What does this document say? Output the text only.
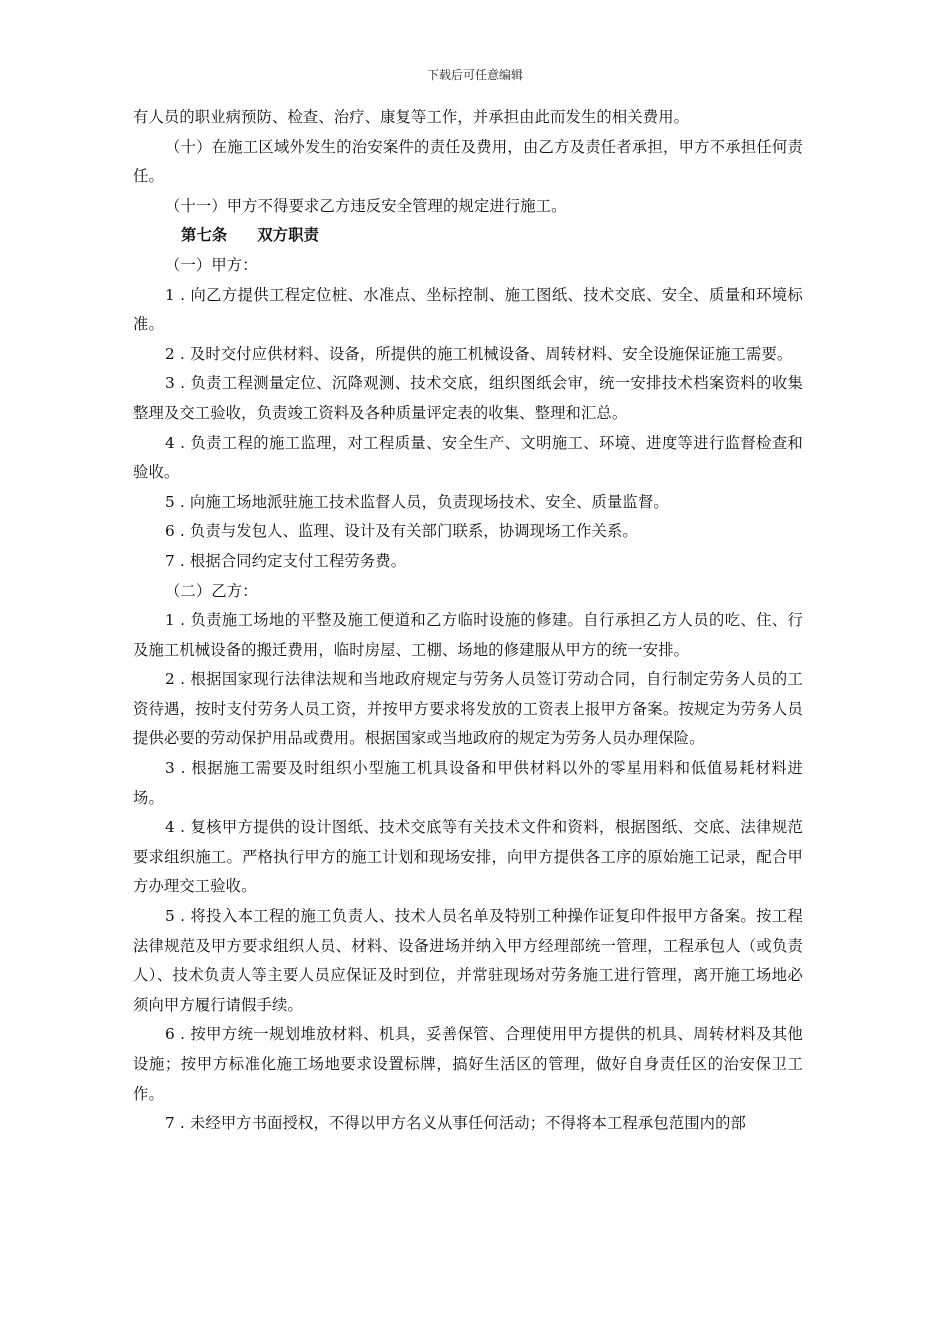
下载后可任意编辑

有人员的职业病预防、检查、治疗、康复等工作，并承担由此而发生的相关费用。

（十）在施工区域外发生的治安案件的责任及费用，由乙方及责任者承担，甲方不承担任何责任。

（十一）甲方不得要求乙方违反安全管理的规定进行施工。

第七条 双方职责

（一）甲方：

1 . 向乙方提供工程定位桩、水准点、坐标控制、施工图纸、技术交底、安全、质量和环境标准。

2 . 及时交付应供材料、设备，所提供的施工机械设备、周转材料、安全设施保证施工需要。

3 . 负责工程测量定位、沉降观测、技术交底，组织图纸会审，统一安排技术档案资料的收集整理及交工验收，负责竣工资料及各种质量评定表的收集、整理和汇总。

4 . 负责工程的施工监理，对工程质量、安全生产、文明施工、环境、进度等进行监督检查和验收。

5 . 向施工场地派驻施工技术监督人员，负责现场技术、安全、质量监督。

6 . 负责与发包人、监理、设计及有关部门联系，协调现场工作关系。

7 . 根据合同约定支付工程劳务费。

（二）乙方：

1 . 负责施工场地的平整及施工便道和乙方临时设施的修建。自行承担乙方人员的吃、住、行及施工机械设备的搬迁费用，临时房屋、工棚、场地的修建服从甲方的统一安排。

2 . 根据国家现行法律法规和当地政府规定与劳务人员签订劳动合同，自行制定劳务人员的工资待遇，按时支付劳务人员工资，并按甲方要求将发放的工资表上报甲方备案。按规定为劳务人员提供必要的劳动保护用品或费用。根据国家或当地政府的规定为劳务人员办理保险。

3 . 根据施工需要及时组织小型施工机具设备和甲供材料以外的零星用料和低值易耗材料进场。

4 . 复核甲方提供的设计图纸、技术交底等有关技术文件和资料，根据图纸、交底、法律规范要求组织施工。严格执行甲方的施工计划和现场安排，向甲方提供各工序的原始施工记录，配合甲方办理交工验收。

5 . 将投入本工程的施工负责人、技术人员名单及特别工种操作证复印件报甲方备案。按工程法律规范及甲方要求组织人员、材料、设备进场并纳入甲方经理部统一管理，工程承包人（或负责人）、技术负责人等主要人员应保证及时到位，并常驻现场对劳务施工进行管理，离开施工场地必须向甲方履行请假手续。

6 . 按甲方统一规划堆放材料、机具，妥善保管、合理使用甲方提供的机具、周转材料及其他设施；按甲方标准化施工场地要求设置标牌，搞好生活区的管理，做好自身责任区的治安保卫工作。

7 . 未经甲方书面授权，不得以甲方名义从事任何活动；不得将本工程承包范围内的部
